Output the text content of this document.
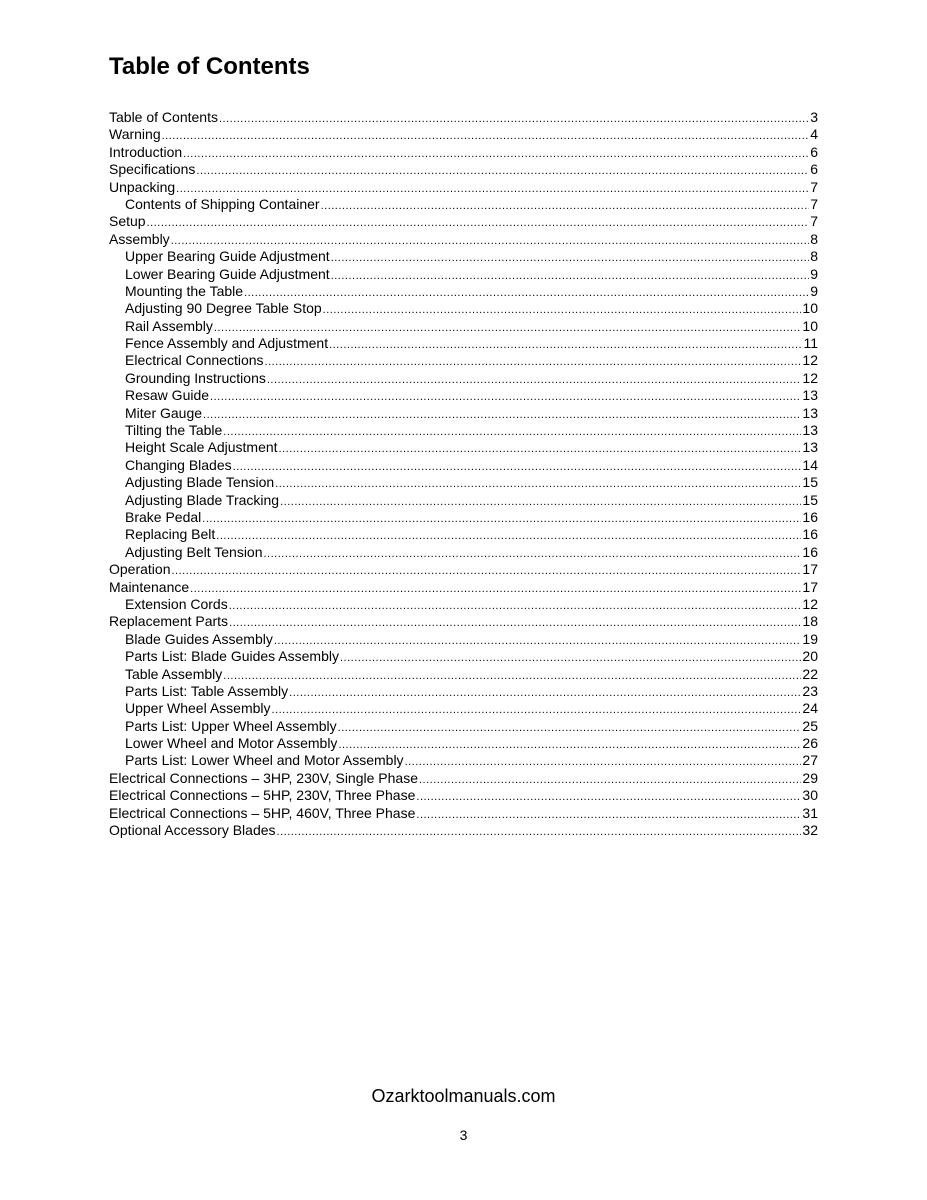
Table of Contents
Table of Contents .....	3
Warning .....	4
Introduction .....	6
Specifications .....	6
Unpacking .....	7
Contents of Shipping Container .....	7
Setup .....	7
Assembly .....	8
Upper Bearing Guide Adjustment .....	8
Lower Bearing Guide Adjustment .....	9
Mounting the Table .....	9
Adjusting 90 Degree Table Stop .....	10
Rail Assembly .....	10
Fence Assembly and Adjustment .....	11
Electrical Connections .....	12
Grounding Instructions .....	12
Resaw Guide .....	13
Miter Gauge .....	13
Tilting the Table .....	13
Height Scale Adjustment .....	13
Changing Blades .....	14
Adjusting Blade Tension .....	15
Adjusting Blade Tracking .....	15
Brake Pedal .....	16
Replacing Belt .....	16
Adjusting Belt Tension .....	16
Operation .....	17
Maintenance .....	17
Extension Cords .....	12
Replacement Parts .....	18
Blade Guides Assembly .....	19
Parts List: Blade Guides Assembly .....	20
Table Assembly .....	22
Parts List: Table Assembly .....	23
Upper Wheel Assembly .....	24
Parts List: Upper Wheel Assembly .....	25
Lower Wheel and Motor Assembly .....	26
Parts List: Lower Wheel and Motor Assembly .....	27
Electrical Connections – 3HP, 230V, Single Phase .....	29
Electrical Connections – 5HP, 230V, Three Phase .....	30
Electrical Connections – 5HP, 460V, Three Phase .....	31
Optional Accessory Blades .....	32
Ozarktoolmanuals.com
3
